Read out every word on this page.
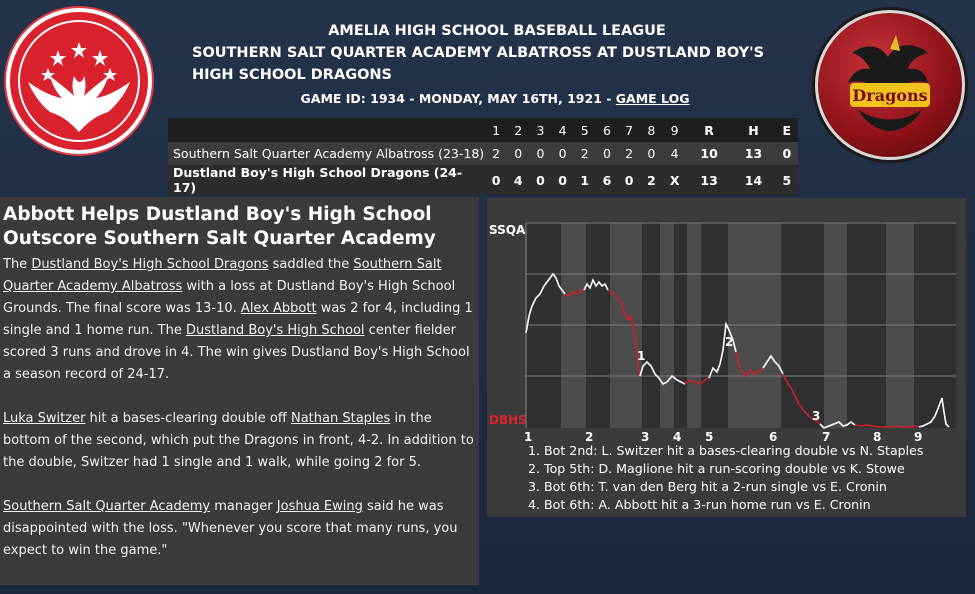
Dragons
AMELIA HIGH SCHOOL BASEBALL LEAGUE
SOUTHERN SALT QUARTER ACADEMY ALBATROSS AT DUSTLAND BOY'S HIGH SCHOOL DRAGONS
GAME ID: 1934 - MONDAY, MAY 16TH, 1921 - GAME LOG
	1	2	3	4	5	6	7	8	9	R	H	E
Southern Salt Quarter Academy Albatross (23-18)	2	0	0	0	2	0	2	0	4	10	13	0
Dustland Boy's High School Dragons (24-17)	0	4	0	0	1	6	0	2	X	13	14	5
Abbott Helps Dustland Boy's High School Outscore Southern Salt Quarter Academy

The Dustland Boy's High School Dragons saddled the Southern Salt Quarter Academy Albatross with a loss at Dustland Boy's High School Grounds. The final score was 13-10. Alex Abbott was 2 for 4, including 1 single and 1 home run. The Dustland Boy's High School center fielder scored 3 runs and drove in 4. The win gives Dustland Boy's High School a season record of 24-17.

Luka Switzer hit a bases-clearing double off Nathan Staples in the bottom of the second, which put the Dragons in front, 4-2. In addition to the double, Switzer had 1 single and 1 walk, while going 2 for 5.

Southern Salt Quarter Academy manager Joshua Ewing said he was disappointed with the loss. "Whenever you score that many runs, you expect to win the game."

SSQA
DBHS
1
2
3
1	2	3 4 5	6	7	8	9
1. Bot 2nd: L. Switzer hit a bases-clearing double vs N. Staples
2. Top 5th: D. Maglione hit a run-scoring double vs K. Stowe
3. Bot 6th: T. van den Berg hit a 2-run single vs E. Cronin
4. Bot 6th: A. Abbott hit a 3-run home run vs E. Cronin
